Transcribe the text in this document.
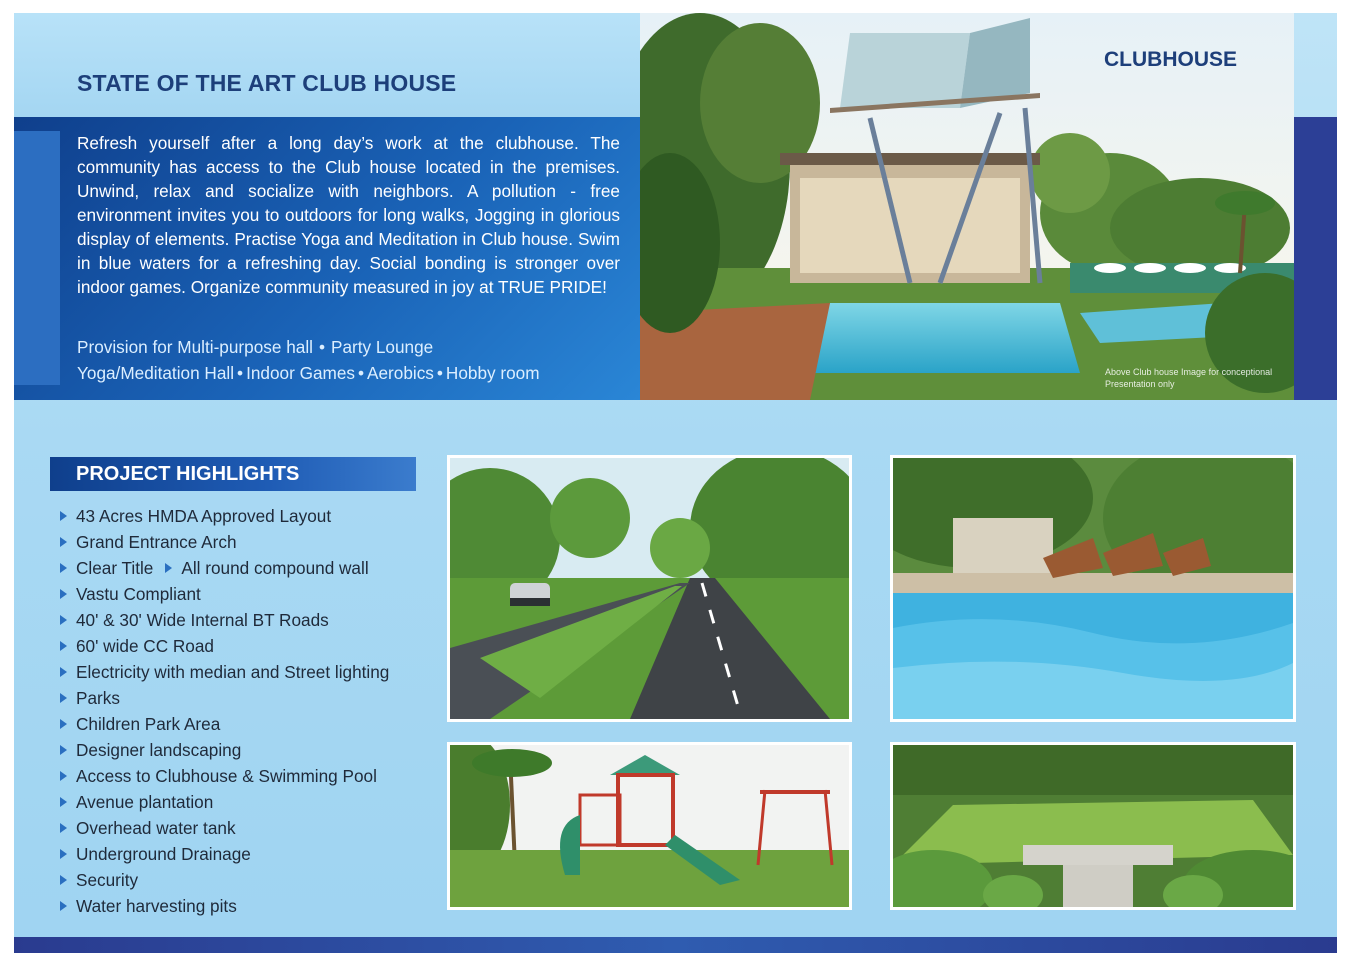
STATE OF THE ART CLUB HOUSE

Refresh yourself after a long day’s work at the clubhouse. The community has access to the Club house located in the premises. Unwind, relax and socialize with neighbors. A pollution - free environment invites you to outdoors for long walks, Jogging in glorious display of elements. Practise Yoga and Meditation in Club house. Swim in blue waters for a refreshing day. Social bonding is stronger over indoor games. Organize community measured in joy at TRUE PRIDE!

Provision for Multi-purpose hall • Party Lounge
Yoga/Meditation Hall • Indoor Games • Aerobics • Hobby room
CLUBHOUSE
Above Club house Image for conceptional Presentation only
PROJECT HIGHLIGHTS
43 Acres HMDA Approved Layout
Grand Entrance Arch
Clear Title All round compound wall
Vastu Compliant
40' & 30' Wide Internal BT Roads
60' wide CC Road
Electricity with median and Street lighting
Parks
Children Park Area
Designer landscaping
Access to Clubhouse & Swimming Pool
Avenue plantation
Overhead water tank
Underground Drainage
Security
Water harvesting pits
